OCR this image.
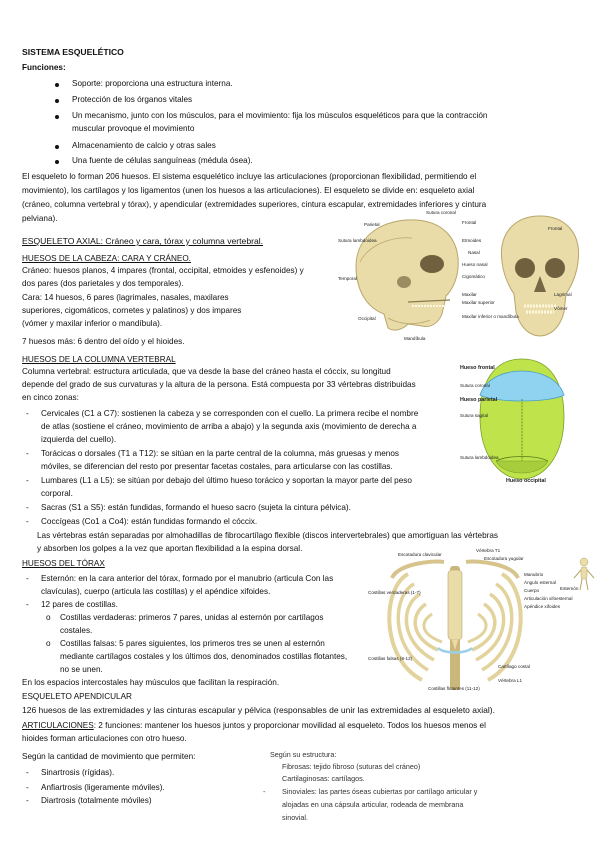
SISTEMA ESQUELÉTICO
Funciones:
Soporte: proporciona una estructura interna.
Protección de los órganos vitales
Un mecanismo, junto con los músculos, para el movimiento: fija los músculos esqueléticos para que la contracción
muscular provoque el movimiento
Almacenamiento de calcio y otras sales
Una fuente de células sanguíneas (médula ósea).
El esqueleto lo forman 206 huesos. El sistema esquelético incluye las articulaciones (proporcionan flexibilidad, permitiendo el
movimiento), los cartílagos y los ligamentos (unen los huesos a las articulaciones). El esqueleto se divide en: esqueleto axial
(cráneo, columna vertebral y tórax), y apendicular (extremidades superiores, cintura escapular, extremidades inferiores y cintura
pelviana).
ESQUELETO AXIAL: Cráneo y cara, tórax y columna vertebral.
HUESOS DE LA CABEZA: CARA Y CRÁNEO.
Cráneo: huesos planos, 4 impares (frontal, occipital, etmoides y esfenoides) y
dos pares (dos parietales y dos temporales).
Cara: 14 huesos, 6 pares (lagrimales, nasales, maxilares
superiores, cigomáticos, cornetes y palatinos) y dos impares
(vómer y maxilar inferior o mandíbula).
7 huesos más: 6 dentro del oído y el hioides.
HUESOS DE LA COLUMNA VERTEBRAL
Columna vertebral: estructura articulada, que va desde la base del cráneo hasta el cóccix, su longitud
depende del grado de sus curvaturas y la altura de la persona. Está compuesta por 33 vértebras distribuidas
en cinco zonas:
- Cervicales (C1 a C7): sostienen la cabeza y se corresponden con el cuello. La primera recibe el nombre
de atlas (sostiene el cráneo, movimiento de arriba a abajo) y la segunda axis (movimiento de derecha a
izquierda del cuello).
- Torácicas o dorsales (T1 a T12): se sitúan en la parte central de la columna, más gruesas y menos
móviles, se diferencian del resto por presentar facetas costales, para articularse con las costillas.
- Lumbares (L1 a L5): se sitúan por debajo del último hueso torácico y soportan la mayor parte del peso
corporal.
- Sacras (S1 a S5): están fundidas, formando el hueso sacro (sujeta la cintura pélvica).
- Coccígeas (Co1 a Co4): están fundidas formando el cóccix.
Las vértebras están separadas por almohadillas de fibrocartílago flexible (discos intervertebrales) que amortiguan las vértebras
y absorben los golpes a la vez que aportan flexibilidad a la espina dorsal.
HUESOS DEL TÓRAX
- Esternón: en la cara anterior del tórax, formado por el manubrio (articula Con las
clavículas), cuerpo (articula las costillas) y el apéndice xifoides.
- 12 pares de costillas.
o Costillas verdaderas: primeros 7 pares, unidas al esternón por cartílagos
costales.
o Costillas falsas: 5 pares siguientes, los primeros tres se unen al esternón
mediante cartílagos costales y los últimos dos, denominados costillas flotantes,
no se unen.
En los espacios intercostales hay músculos que facilitan la respiración.
ESQUELETO APENDICULAR
126 huesos de las extremidades y las cinturas escapular y pélvica (responsables de unir las extremidades al esqueleto axial).
ARTICULACIONES: 2 funciones: mantener los huesos juntos y proporcionar movilidad al esqueleto. Todos los huesos menos el
hioides forman articulaciones con otro hueso.
Según la cantidad de movimiento que permiten:
- Sinartrosis (rígidas).
- Anfiartrosis (ligeramente móviles).
- Diartrosis (totalmente móviles)
Según su estructura:
Fibrosas: tejido fibroso (suturas del cráneo)
Cartilaginosas: cartílagos.
- Sinoviales: las partes óseas cubiertas por cartílago articular y
alojadas en una cápsula articular, rodeada de membrana
sinovial.
Sutura lambdoidea
Parietal
Sutura coronal
Frontal
Temporal
Hueso nasal
Occipital
Mandíbula
Maxilar
Frontal
Etmoides
Nasal
Cigomático
Maxilar superior
Maxilar inferior o mandíbula
Lagrimal
Vómer
Hueso frontal
Sutura coronal
Hueso parietal
Sutura sagital
Sutura lambdoidea
Hueso occipital
Escotadura clavicular
Vértebra T1
Escotadura yugular
Manubrio
Ángulo esternal
Cuerpo
Articulación xifoesternal
Apéndice xifoides
Esternón
Costillas verdaderas (1-7)
Costillas falsas (8-12)
Costillas flotantes (11-12)
Cartílago costal
Vértebra L1
